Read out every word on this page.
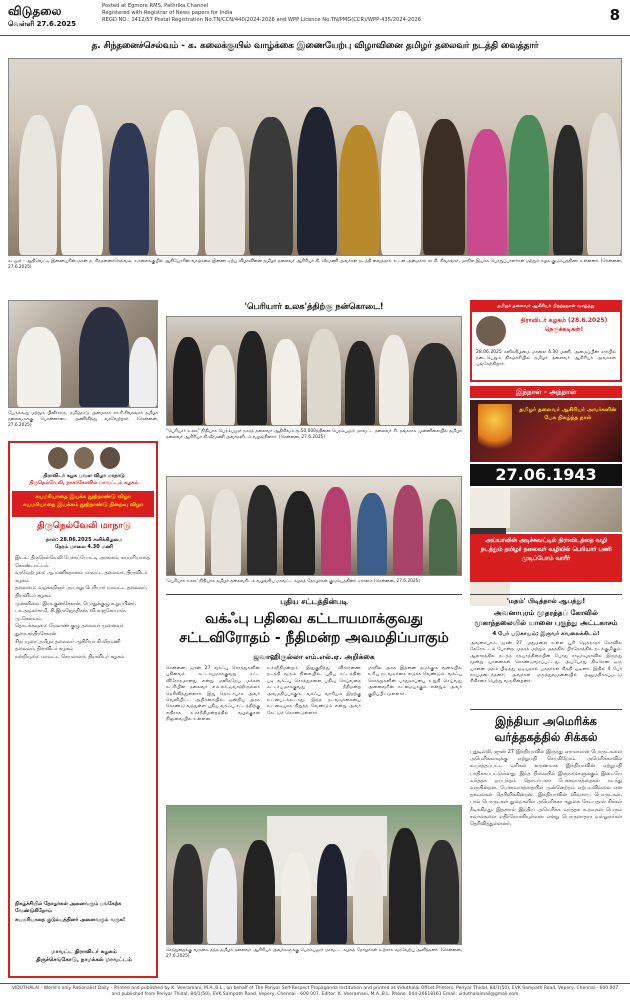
விடுதலை
வெள்ளி 27.6.2025
Posted at Egmore RMS, Pathrika Channel
Registered with Registrar of News papers for India
REGD NO.: 1412/57 Postal Registration No.TN/CCN/440/2024-2026 and WPP Licence No.TN/PMG(CCR)/WPP-435/2024-2026	8
த. சிந்தனைச்செல்வம் - க. கலைக்குயில் வாழ்க்கை இணையேற்பு விழாவினை தமிழர் தலைவர் நடத்தி வைத்தார்
கடலூர் - ஆதிவெட்டி இணையரின் மகன் த. சிந்தனைச்செல்வம், க.கலைக்குயில் ஆகியோரின் வாழ்க்கை இணை ஏற்பு விழாவினை தமிழர் தலைவர் ஆசிரியர் கி. வீரமணி அவர்கள் நடத்தி வைத்தார். உடன் அமைச்சர் சா.சி. சிவசங்கர், மாநில இயக்க பொறுப்பாளர்கள் மற்றும் கழக குடும்பத்தினர் உள்ளனர். (சென்னை, 27.6.2025)
பேருக்கூறு மற்றும் பினீசராரு, தமிழ்நாடு அமைச்சர் சா.சி.சிவசங்கர் தமிழர் தலைவருக்கு பொன்னாடை அணிவித்து வரவேற்றார். (சென்னை, 27.6.2025)
திராவிடர் கழக பவள விழா மாநாடு
திருநெல்வேலி, நாகர்கோவில் மாவட்டம் கழகம்
சுயமரியாதை இயக்க நூற்றாண்டு விழா
சுயமரியாதை இயக்கம் நூற்றாண்டு நிறைவு விழா
திருநெல்வேலி மாநாடு
நாள்: 28.06.2025 சனிக்கிழமை
நேரம் மாலை 4.30 மணி
இடம்: திருநெல்வேலி பேச்சுப்போட்டி அரங்கம், சுயமரியாதை கொண்டாட்டம்.
வரவேற்புரை: ஆ.மணிசுதானம் மாவட்ட தலைவர், திராவிடர் கழகம்
தலைமை: வழக்கறிஞர் அ.பாலு பெரியார் மாவட்ட தலைவர், திராவிடர் கழகம்
முன்னிலை: இரா.குணசேகரன், பொதுக்குழு உறுப்பினர், பா.அழகர்சாமி, சி.இராஜேந்திரன், வி.ராஜகோபால், மு.செல்வம்.
தொடக்கவுரை: மேலாண் குழு தலைவர் முனைவர் துரை.சந்திரசேகரன்
சிறப்புரை: தமிழர் தலைவர் ஆசிரியர் கி.வீரமணி
தலைவர், திராவிடர் கழகம்
நன்றியுரை: மாவட்ட செயலாளர், திராவிடர் கழகம்
நிகழ்ச்சியில் தோழர்கள் அனைவரும் பங்கேற்க வேண்டுகிறோம்
சுயமரியாதை குடும்பத்தினர் அனைவரும் வருக!
மாவட்ட திராவிடர் கழகம்
திருச்செங்கோடு, நாமக்கல் மாவட்டம்
'பெரியார் உலக'த்திற்கு நன்கொடை!
"பெரியார் உலக" நிதியாக பெரம்பலூர் நகரத் தலைவர் ஆதிசிவம் ரூ.50,000த்தினை பெரம்பலூர் மாவட்ட தலைவர் சி. தங்கராசு முன்னிலையில் தமிழர் தலைவர் ஆசிரியர் கி.வீரமணி அவர்களிடம் வழங்கினார். (சென்னை, 27.6.2025)
'பெரியார் உலக' நிதியாக தமிழர் தலைவரிடம் வழங்கிய மாவட்ட கழகத் தோழர்கள் குடும்பத்தினர் ஏராளம் (சென்னை, 27.6.2025)
தமிழர் தலைவர் ஆசிரியர் பிறந்தநாள் வாழ்த்து
திராவிடர் கழகம் (28.6.2025) நெருக்கடிகள்!
28.06.2025 சனிக்கிழமை மாலை 4.30 மணி, அமைப்பின் சார்பில் நடைபெறும் நிகழ்ச்சியில் தமிழர் தலைவர் ஆசிரியர் அவர்கள் பங்கேற்கிறார்.
இந்நாள் - அந்நாள்
தமிழர் தலைவர் ஆசிரியர் அவர்களின் பேசு நிகழ்ந்த நாள்
27.06.1943
அய்யாவின் அடிச்சுவட்டில் திராவிடத்தை வழி நடத்தும் தமிழர் தலைவர் வழியில் பெரியார் பணி முடிப்போம் வாரீர்
புதிய சட்டத்தின்படி
வக்ஃபு பதிவை கட்டாயமாக்குவது
சட்டவிரோதம் - நீதிமன்ற அவமதிப்பாகும்
ஜவாஹிருல்லா எம்.எல்.ஏ. அறிக்கை
சென்னை, ஜுன் 27 வக்ஃபு சொத்துகளின் பதிவைக் கட்டாயமாக்குவது சட்ட விரோதமானது என்று மனிதநேய மக்கள் கட்சியின் தலைவர் எம்.எச்.ஜவாஹிருல்லா தெரிவித்துள்ளார். இது தொடர்பாக அவர் வெளியிட்ட அறிக்கையில், ஒன்றிய அரசு கொண்டு வந்துள்ள புதிய வக்ஃபு சட்டத்திற்கு எதிராக உச்சநீதிமன்றத்தில் வழக்குகள் நிலுவையில் உள்ளன.
உச்சநீதிமன்றம் இதுகுறித்து விசாரணை நடத்தி வரும் நிலையில், புதிய சட்டத்தின் படி வக்ஃபு சொத்துகளை பதிவு செய்வதை கட்டாயமாக்குவது நீதிமன்ற அவமதிப்பாகும். வக்ஃபு வாரியம் இதற்கு உடன்படக்கூடாது. இந்த நடவடிக்கையை உடனடியாக நிறுத்த வேண்டும் என்று அவர் கேட்டுக் கொண்டுள்ளார்.
மாநில அரசு இதனை தடுக்கும் வகையில் உரிய நடவடிக்கை எடுக்க வேண்டும். வக்ஃபு சொத்துகளின் பாதுகாப்பை உறுதி செய்வது அனைவரின் கடமையாகும் என்றும் அவர் குறிப்பிட்டுள்ளார்.
செந்துறைக்கு வருகை தந்த தமிழர் தலைவர் ஆசிரியர் அவர்களுக்கு பெரம்பலூர் மாவட்ட கழகத் தோழர்கள் உற்சாக வரவேற்பு அளித்தனர். (சென்னை, 27.6.2025)
'மதம்' பிடித்தால் ஆபத்து!
அவனாபுரம் முதரத்தப் கோவில் மூகாந்தலையில் யானை புகுந்து அட்டகாசம்
4 பேர் படுகாயம்; இருவர் கவலைக்கிடம்!
அவனாபுரம், ஜுன் 27 முதுமலை உள்ள பூரி ஜெகநாதர் கோவில் தேரோட்டம் போன்ற முதரத் மற்றும் மதத்தில் பிரதேசத்தில் நடக்குமிகும். ஆலாரத்தில் நடந்த ரதயாத்திரையின் போது ராஜாவுதாவில் இருந்து மூன்று யானைகள் கொண்டுவரப்பட்டது. அப்போது திடீரென ஒரு யானை மதம் பிடித்து ஓடியதால் பக்தர்கள் சிதறி ஓடினர். இதில் 4 பேர் காயமடைந்தனர்; அவர்கள் மருத்துவமனையில் அனுமதிக்கப்பட்டு சிகிச்சை பெற்று வருகின்றனர்.
இந்தியா அமெரிக்க
வர்த்தகத்தில் சிக்கல்
புதுடில்லி, ஜுன் 27 இந்தியாவில் இருந்து ஏராளமான பொருட்களை அமெரிக்காவுக்கு ஏற்றுமதி செய்கிறோம். அமெரிக்காவில் உயர்த்தப்பட்ட வரிகள் காரணமாக இந்தியாவின் ஏற்றுமதி பாதிக்கப்பட்டுள்ளது. இந்த நிலையில் இருநாடுகளுக்கும் இடையே வர்த்தக ஒப்பந்தம் தொடர்பான பேச்சுவார்த்தைகள் நடந்து வருகின்றன. பேச்சுவார்த்தையில் முன்னேற்றம் ஏற்படவில்லை என தகவல்கள் தெரிவிக்கின்றன. இந்தியாவின் விவசாய பொருட்கள், பால் பொருட்கள் துறைகளில் அமெரிக்கா சலுகை கேட்பதால் சிக்கல் நீடிக்கிறது. இதனால் இந்திய அமெரிக்க வர்த்தக உறவுகள் பெரும் சவால்களை எதிர்நோக்கியுள்ளன என்று பொருளாதார வல்லுநர்கள் தெரிவித்துள்ளனர்.
VIDUTHALAI - World's only Rationalist Daily - Printed and published by K. Veeramani, M.A.,B.L., on behalf of The Periyar Self-Respect Propaganda Institution and printed at Viduthalai Offset Printers, Periyar Thidal, 84/1(50), EVK Sampath Road, Vepery, Chennai - 600 007 and published from Periyar Thidal, 84/1(50), EVK Sampath Road, Vepery, Chennai - 600 007. Editor: K. Veeramani, M.A.,B.L. Phone: 044-26618161 Email: viduthalaimail@gmail.com
